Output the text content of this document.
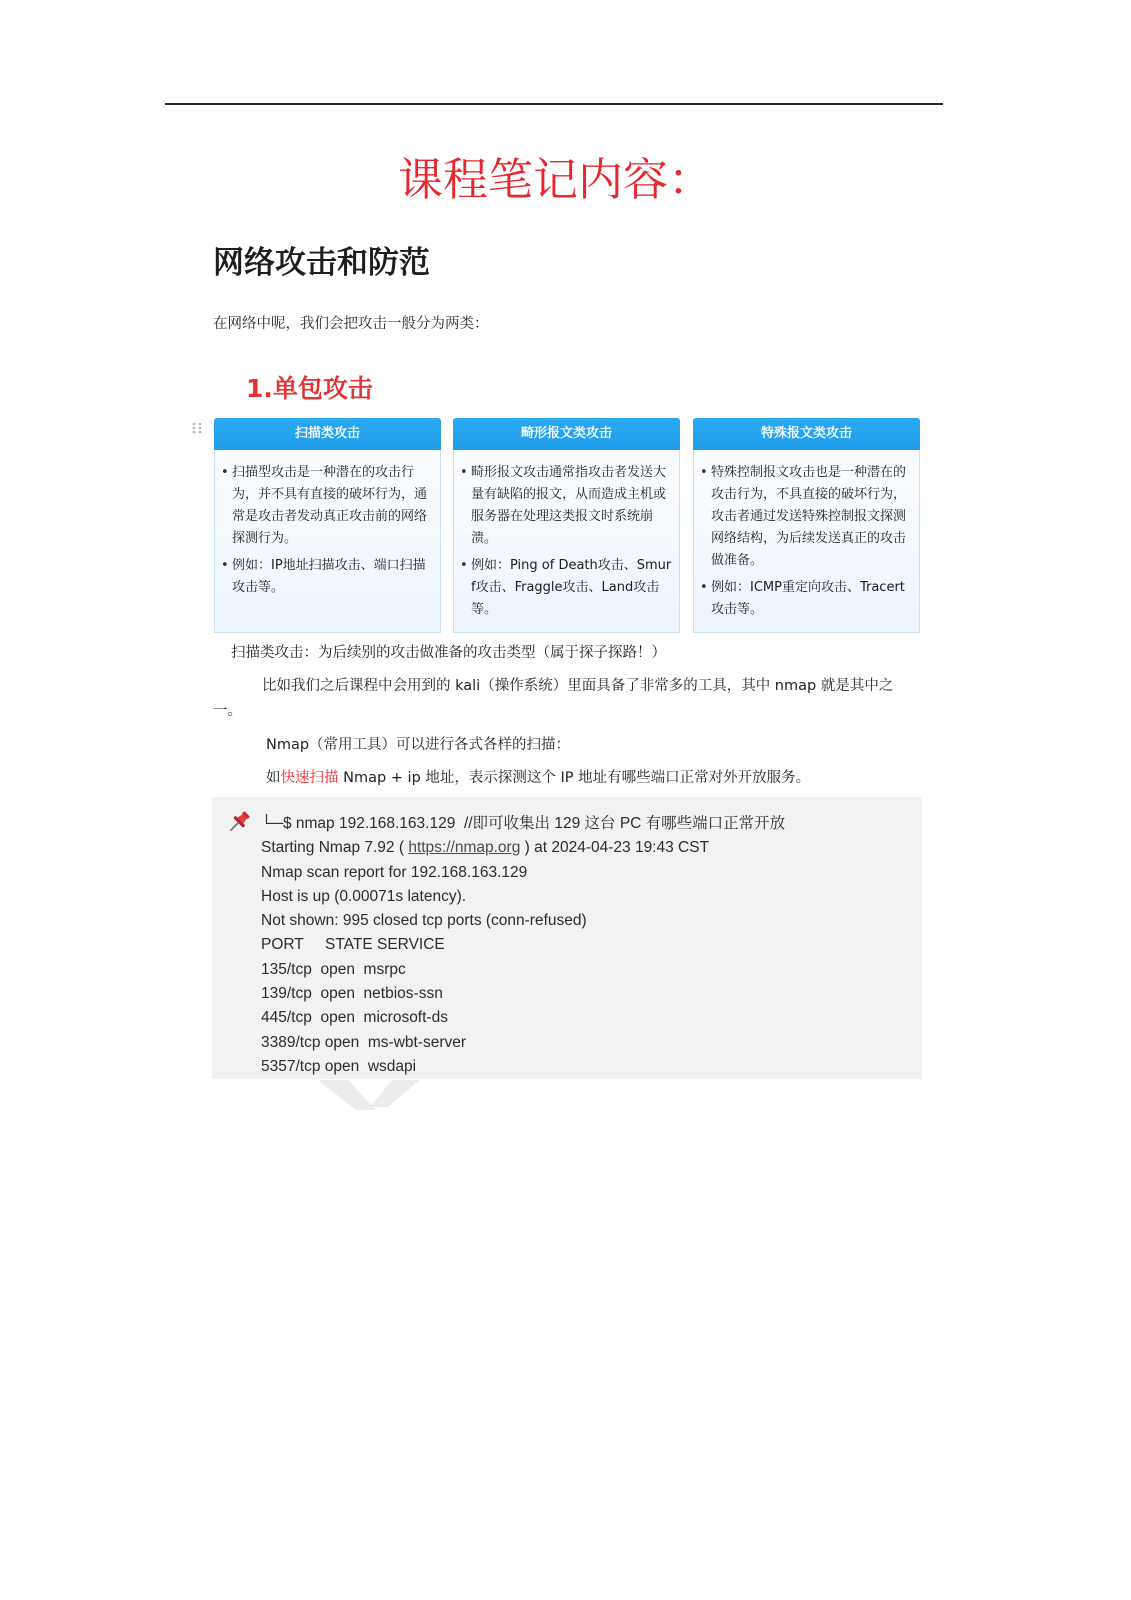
课程笔记内容：
网络攻击和防范

在网络中呢，我们会把攻击一般分为两类：

1.单包攻击
扫描类攻击
• 扫描型攻击是一种潜在的攻击行为，并不具有直接的破坏行为，通常是攻击者发动真正攻击前的网络探测行为。
• 例如：IP地址扫描攻击、端口扫描攻击等。
畸形报文类攻击
• 畸形报文攻击通常指攻击者发送大量有缺陷的报文，从而造成主机或服务器在处理这类报文时系统崩溃。
• 例如：Ping of Death攻击、Smurf攻击、Fraggle攻击、Land攻击等。
特殊报文类攻击
• 特殊控制报文攻击也是一种潜在的攻击行为，不具直接的破坏行为，攻击者通过发送特殊控制报文探测网络结构，为后续发送真正的攻击做准备。
• 例如：ICMP重定向攻击、Tracert攻击等。

扫描类攻击：为后续别的攻击做准备的攻击类型（属于探子探路！）

比如我们之后课程中会用到的 kali（操作系统）里面具备了非常多的工具，其中 nmap 就是其中之一。

Nmap（常用工具）可以进行各式各样的扫描：

如快速扫描 Nmap + ip 地址，表示探测这个 IP 地址有哪些端口正常对外开放服务。

└─$ nmap 192.168.163.129  //即可收集出 129 这台 PC 有哪些端口正常开放
Starting Nmap 7.92 ( https://nmap.org ) at 2024-04-23 19:43 CST
Nmap scan report for 192.168.163.129
Host is up (0.00071s latency).
Not shown: 995 closed tcp ports (conn-refused)
PORT     STATE SERVICE
135/tcp  open  msrpc
139/tcp  open  netbios-ssn
445/tcp  open  microsoft-ds
3389/tcp open  ms-wbt-server
5357/tcp open  wsdapi
